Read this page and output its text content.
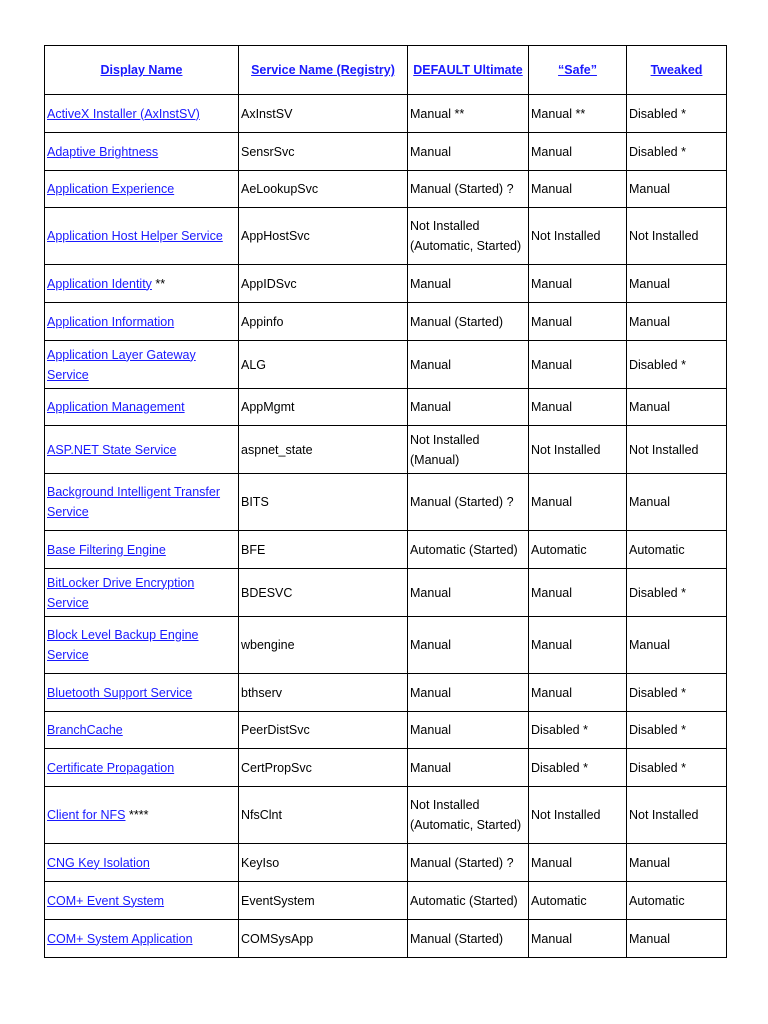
Display Name	Service Name (Registry)	DEFAULT Ultimate	“Safe”	Tweaked
ActiveX Installer (AxInstSV)	AxInstSV	Manual **	Manual **	Disabled *
Adaptive Brightness	SensrSvc	Manual	Manual	Disabled *
Application Experience	AeLookupSvc	Manual (Started) ?	Manual	Manual
Application Host Helper Service	AppHostSvc	Not Installed (Automatic, Started)	Not Installed	Not Installed
Application Identity **	AppIDSvc	Manual	Manual	Manual
Application Information	Appinfo	Manual (Started)	Manual	Manual
Application Layer Gateway Service	ALG	Manual	Manual	Disabled *
Application Management	AppMgmt	Manual	Manual	Manual
ASP.NET State Service	aspnet_state	Not Installed (Manual)	Not Installed	Not Installed
Background Intelligent Transfer Service	BITS	Manual (Started) ?	Manual	Manual
Base Filtering Engine	BFE	Automatic (Started)	Automatic	Automatic
BitLocker Drive Encryption Service	BDESVC	Manual	Manual	Disabled *
Block Level Backup Engine Service	wbengine	Manual	Manual	Manual
Bluetooth Support Service	bthserv	Manual	Manual	Disabled *
BranchCache	PeerDistSvc	Manual	Disabled *	Disabled *
Certificate Propagation	CertPropSvc	Manual	Disabled *	Disabled *
Client for NFS ****	NfsClnt	Not Installed (Automatic, Started)	Not Installed	Not Installed
CNG Key Isolation	KeyIso	Manual (Started) ?	Manual	Manual
COM+ Event System	EventSystem	Automatic (Started)	Automatic	Automatic
COM+ System Application	COMSysApp	Manual (Started)	Manual	Manual
